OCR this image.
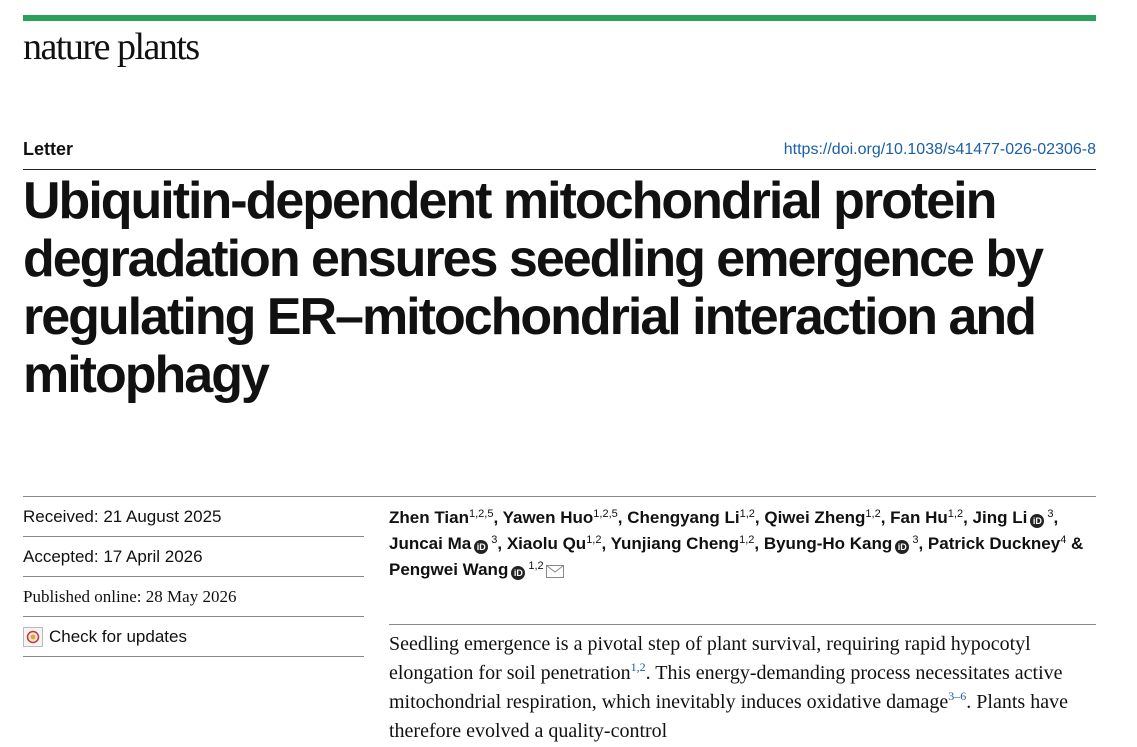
nature plants
Letter	https://doi.org/10.1038/s41477-026-02306-8
Ubiquitin-dependent mitochondrial protein degradation ensures seedling emergence by regulating ER–mitochondrial interaction and mitophagy
Received: 21 August 2025
Accepted: 17 April 2026
Published online: 28 May 2026
Check for updates
Zhen Tian$^{1,2,5}$, Yawen Huo$^{1,2,5}$, Chengyang Li$^{1,2}$, Qiwei Zheng$^{1,2}$, Fan Hu$^{1,2}$, Jing Li iD $^3$, Juncai Ma iD $^3$, Xiaolu Qu$^{1,2}$, Yunjiang Cheng$^{1,2}$, Byung-Ho Kang iD $^3$, Patrick Duckney$^4$ & Pengwei Wang iD $^{1,2}$

Seedling emergence is a pivotal step of plant survival, requiring rapid hypocotyl elongation for soil penetration$^{1,2}$. This energy-demanding process necessitates active mitochondrial respiration, which inevitably induces oxidative damage$^{3-6}$. Plants have therefore evolved a quality-control
